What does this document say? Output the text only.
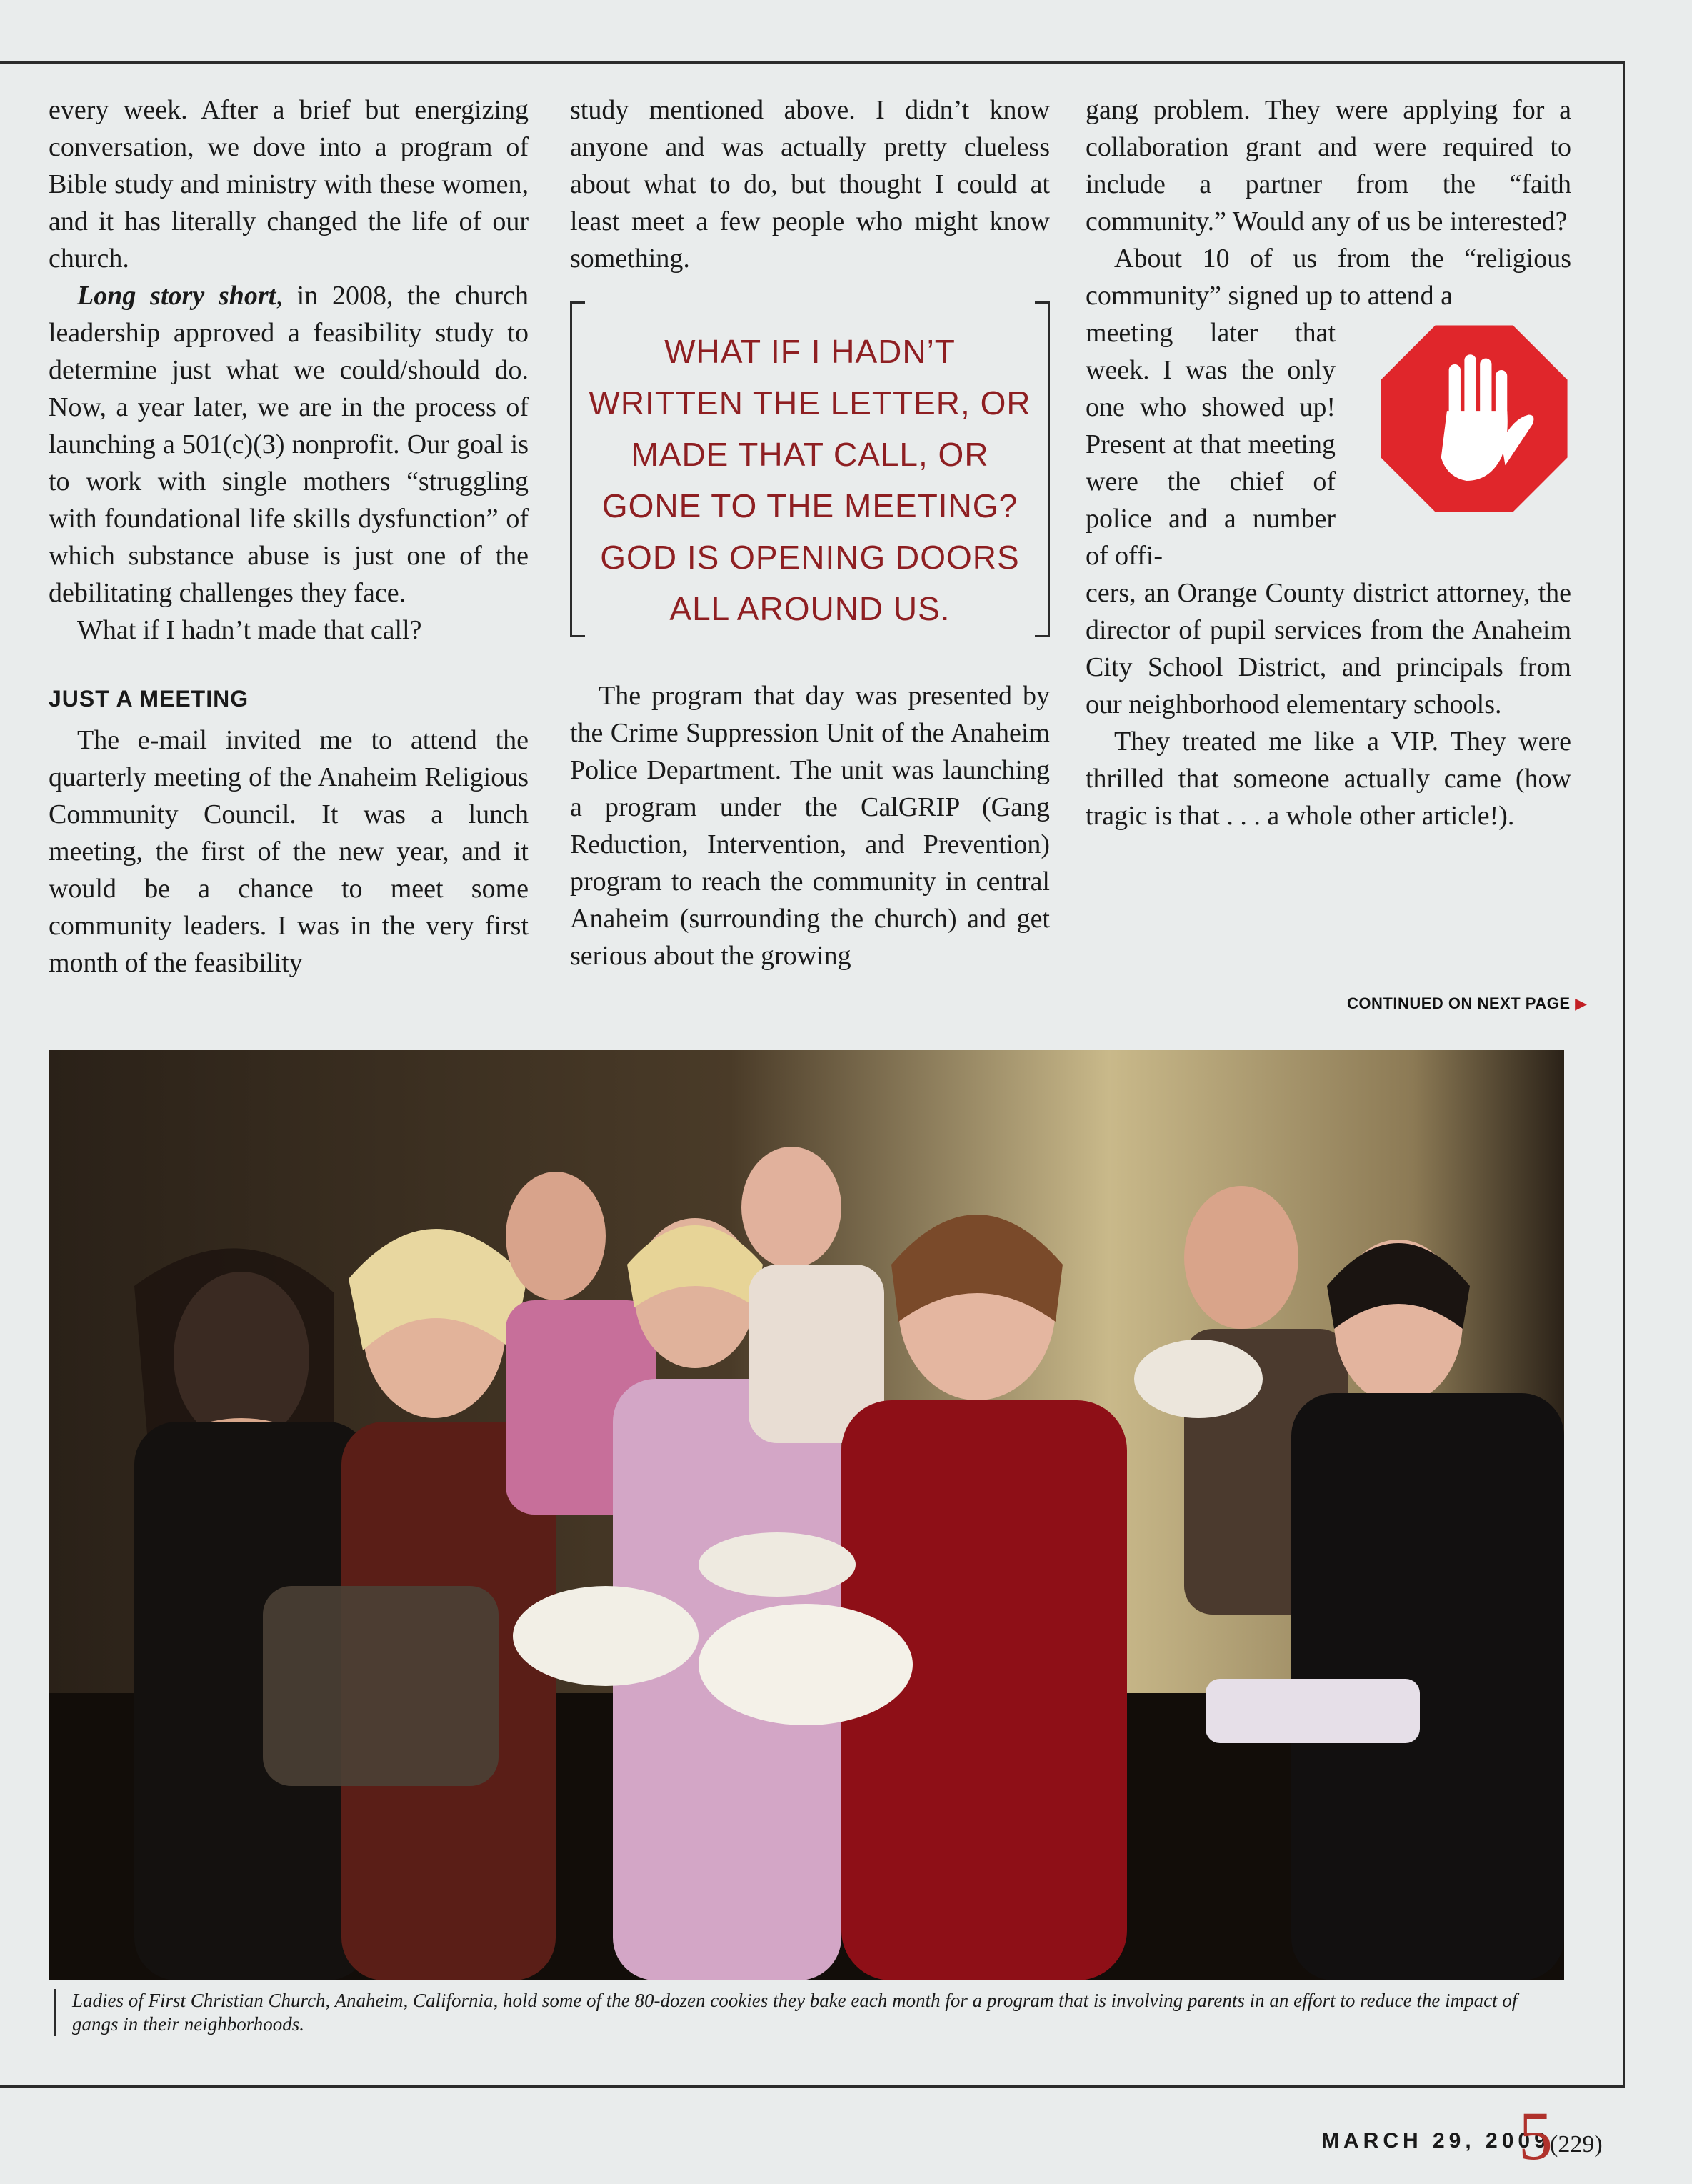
every week. After a brief but energizing conversation, we dove into a program of Bible study and ministry with these women, and it has literally changed the life of our church.

Long story short, in 2008, the church leadership approved a feasibility study to determine just what we could/should do. Now, a year later, we are in the process of launching a 501(c)(3) nonprofit. Our goal is to work with single mothers “struggling with foundational life skills dysfunction” of which substance abuse is just one of the debilitating challenges they face.

What if I hadn’t made that call?

JUST A MEETING

The e-mail invited me to attend the quarterly meeting of the Anaheim Religious Community Council. It was a lunch meeting, the first of the new year, and it would be a chance to meet some community leaders. I was in the very first month of the feasibility

study mentioned above. I didn’t know anyone and was actually pretty clueless about what to do, but thought I could at least meet a few people who might know something.

WHAT IF I HADN’T WRITTEN THE LETTER, OR MADE THAT CALL, OR GONE TO THE MEETING? GOD IS OPENING DOORS ALL AROUND US.

The program that day was presented by the Crime Suppression Unit of the Anaheim Police Department. The unit was launching a program under the CalGRIP (Gang Reduction, Intervention, and Prevention) program to reach the community in central Anaheim (surrounding the church) and get serious about the growing

gang problem. They were applying for a collaboration grant and were required to include a partner from the “faith community.” Would any of us be interested?

About 10 of us from the “religious community” signed up to attend a

meeting later that week. I was the only one who showed up! Present at that meeting were the chief of police and a number of offi-

cers, an Orange County district attorney, the director of pupil services from the Anaheim City School District, and principals from our neighborhood elementary schools.

They treated me like a VIP. They were thrilled that someone actually came (how tragic is that . . . a whole other article!).

CONTINUED ON NEXT PAGE ▶
Ladies of First Christian Church, Anaheim, California, hold some of the 80-dozen cookies they bake each month for a program that is involving parents in an effort to reduce the impact of gangs in their neighborhoods.
MARCH 29, 2009
5
(229)
